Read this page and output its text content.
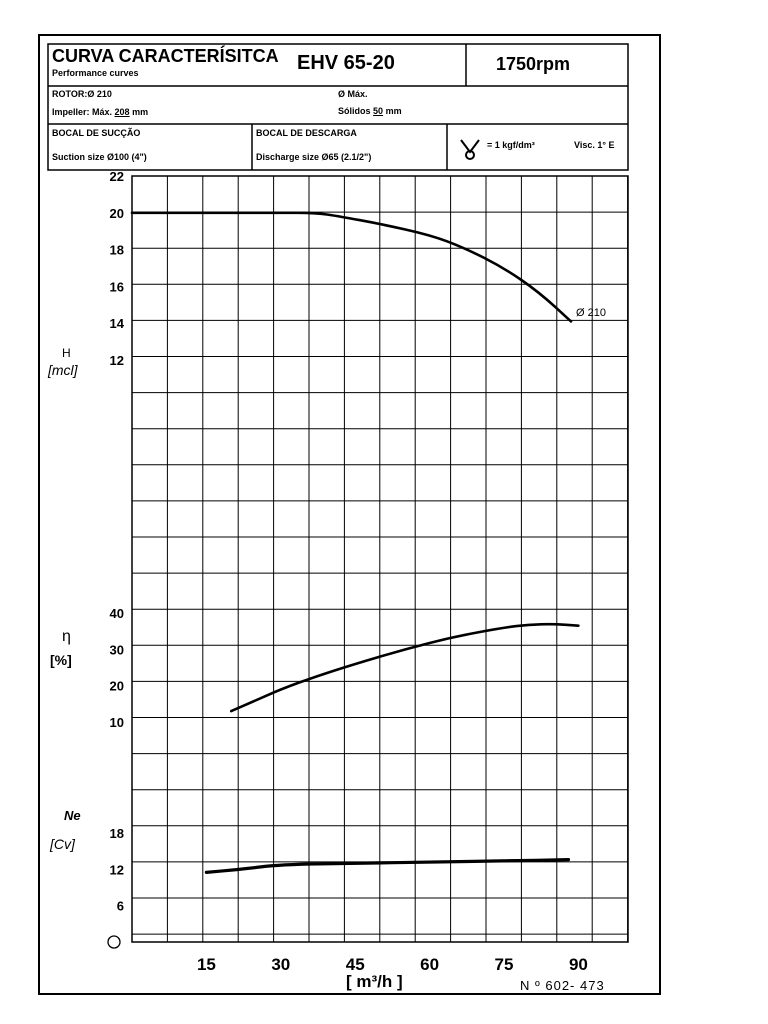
12
14
16
18
20
22
10
20
30
40
6
12
18
15	30	45	60	75	90
CURVA CARACTERÍSITCA
Performance curves	EHV 65-20	1750rpm
ROTOR:Ø 210
Impeller: Máx. 208 mm
Ø Máx.
Sólidos 50 mm
BOCAL DE SUCÇÃO
Suction size Ø100 (4")
BOCAL DE DESCARGA
Discharge size Ø65 (2.1/2")
= 1 kgf/dm³	Visc. 1° E
H
[mcl]
η
[%]
Ne
[Cv]
[ m³/h ]	N º 602- 473
Ø 210
